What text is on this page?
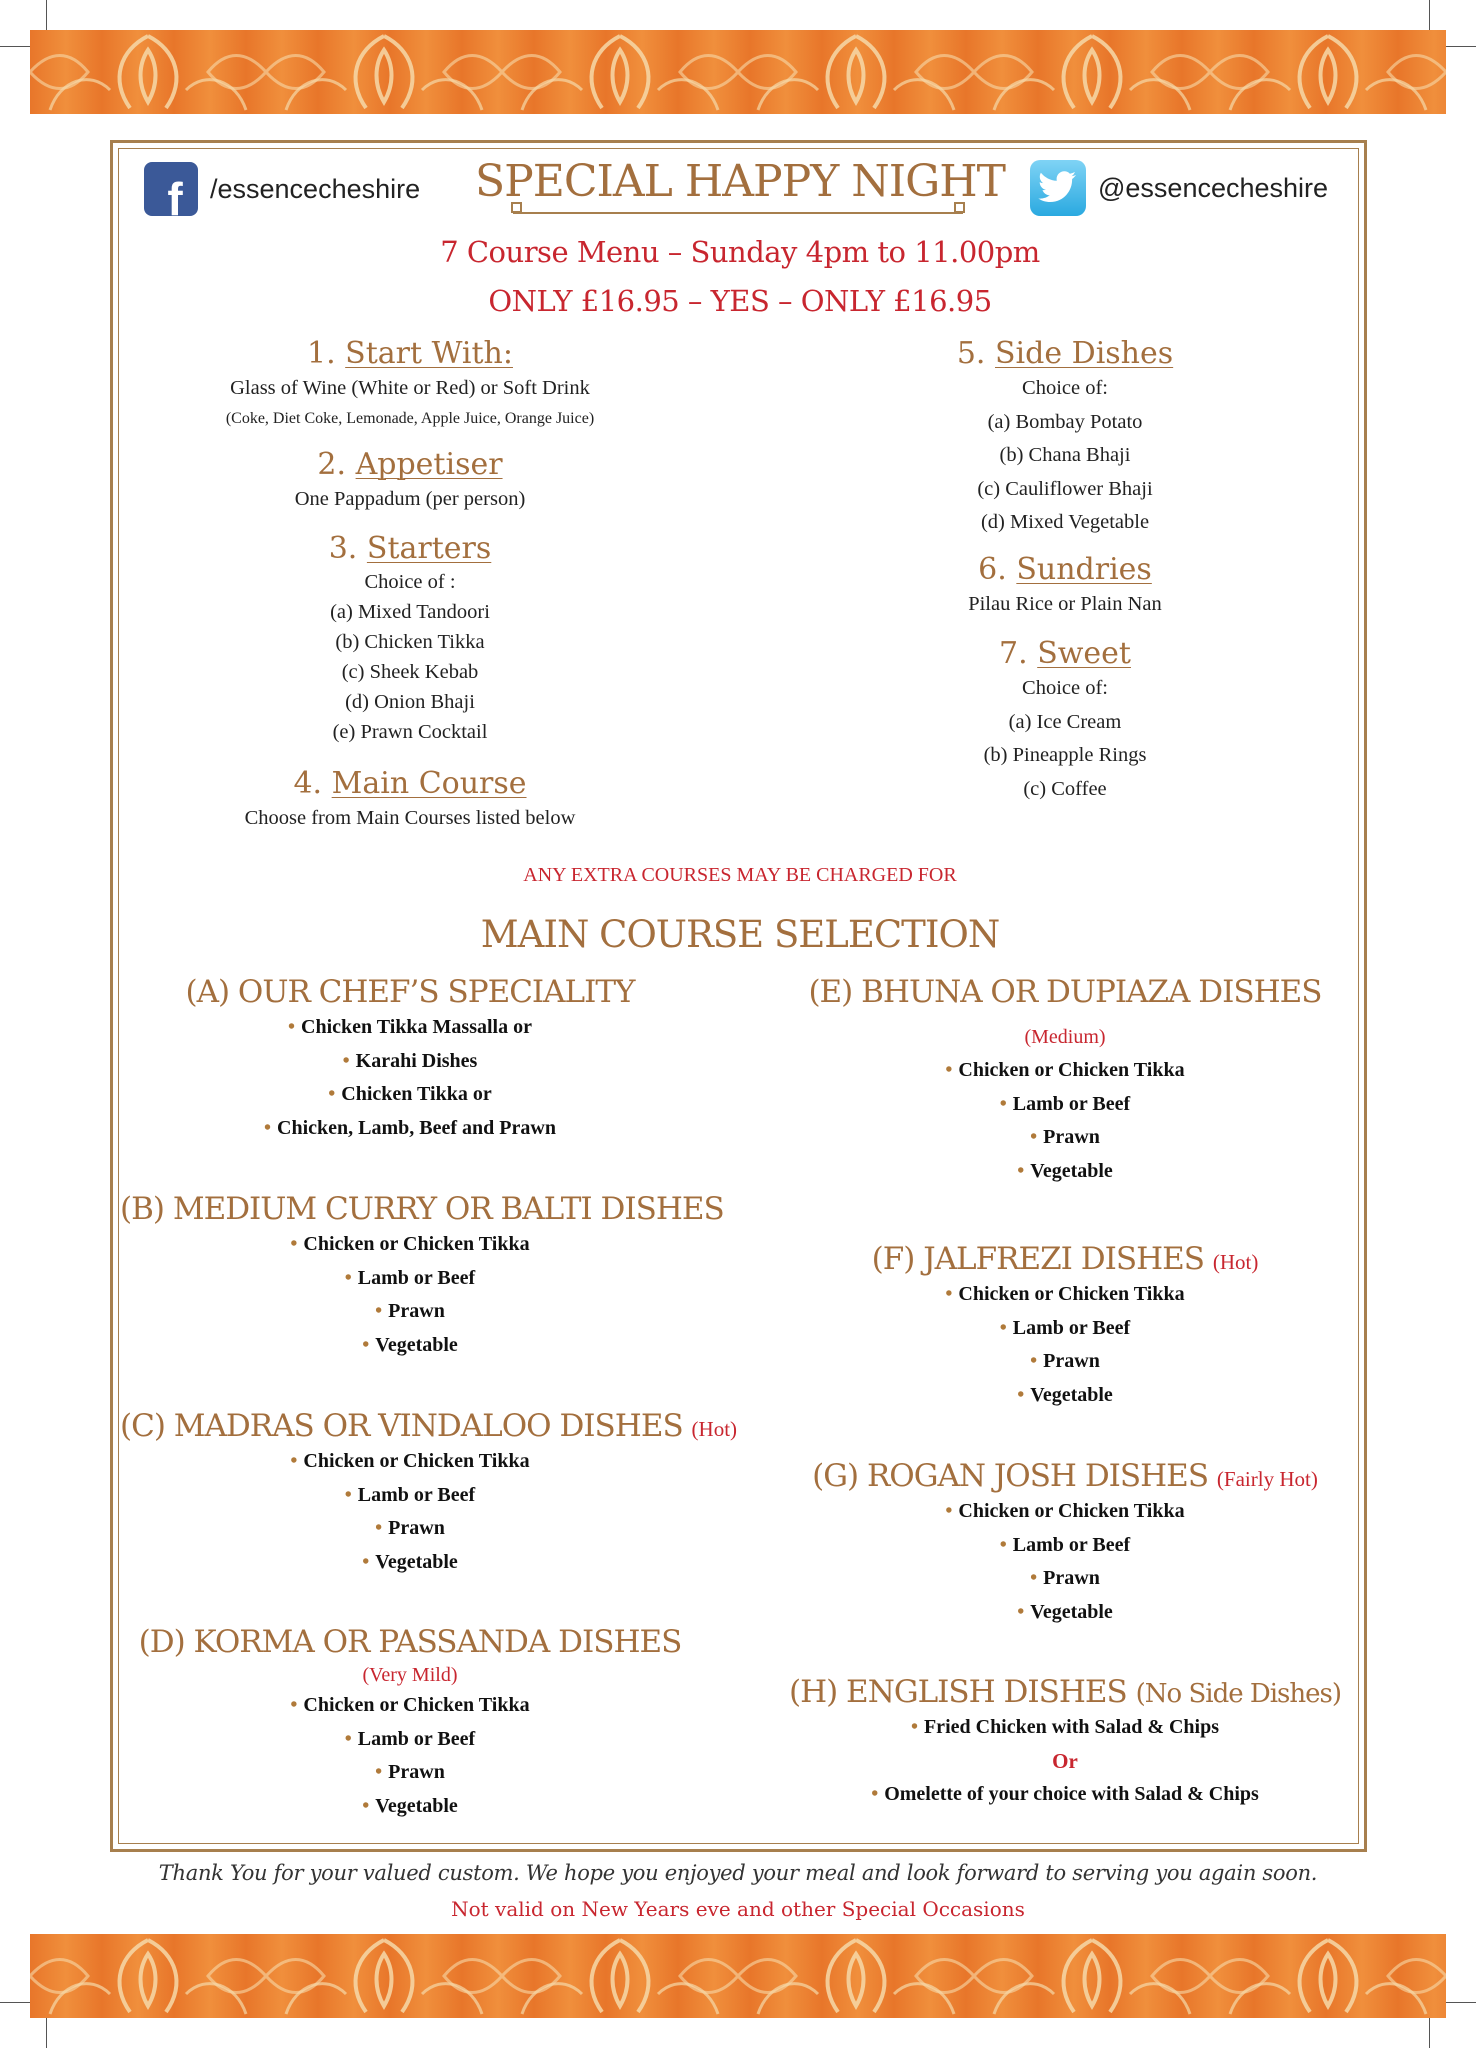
f /essencecheshire	@essencecheshire
SPECIAL HAPPY NIGHT
7 Course Menu – Sunday 4pm to 11.00pm
ONLY £16.95 – YES – ONLY £16.95
1. Start With:
Glass of Wine (White or Red) or Soft Drink
(Coke, Diet Coke, Lemonade, Apple Juice, Orange Juice)
2. Appetiser
One Pappadum (per person)
3. Starters
Choice of :
(a) Mixed Tandoori
(b) Chicken Tikka
(c) Sheek Kebab
(d) Onion Bhaji
(e) Prawn Cocktail
4. Main Course
Choose from Main Courses listed below
5. Side Dishes
Choice of:
(a) Bombay Potato
(b) Chana Bhaji
(c) Cauliflower Bhaji
(d) Mixed Vegetable
6. Sundries
Pilau Rice or Plain Nan
7. Sweet
Choice of:
(a) Ice Cream
(b) Pineapple Rings
(c) Coffee
ANY EXTRA COURSES MAY BE CHARGED FOR
MAIN COURSE SELECTION
(A) OUR CHEF’S SPECIALITY
• Chicken Tikka Massalla or
• Karahi Dishes
• Chicken Tikka or
• Chicken, Lamb, Beef and Prawn
(B) MEDIUM CURRY OR BALTI DISHES
• Chicken or Chicken Tikka
• Lamb or Beef
• Prawn
• Vegetable
(C) MADRAS OR VINDALOO DISHES (Hot)
• Chicken or Chicken Tikka
• Lamb or Beef
• Prawn
• Vegetable
(D) KORMA OR PASSANDA DISHES
(Very Mild)
• Chicken or Chicken Tikka
• Lamb or Beef
• Prawn
• Vegetable
(E) BHUNA OR DUPIAZA DISHES
(Medium)
• Chicken or Chicken Tikka
• Lamb or Beef
• Prawn
• Vegetable
(F) JALFREZI DISHES (Hot)
• Chicken or Chicken Tikka
• Lamb or Beef
• Prawn
• Vegetable
(G) ROGAN JOSH DISHES (Fairly Hot)
• Chicken or Chicken Tikka
• Lamb or Beef
• Prawn
• Vegetable
(H) ENGLISH DISHES (No Side Dishes)
• Fried Chicken with Salad & Chips
Or
• Omelette of your choice with Salad & Chips
Thank You for your valued custom. We hope you enjoyed your meal and look forward to serving you again soon.
Not valid on New Years eve and other Special Occasions
